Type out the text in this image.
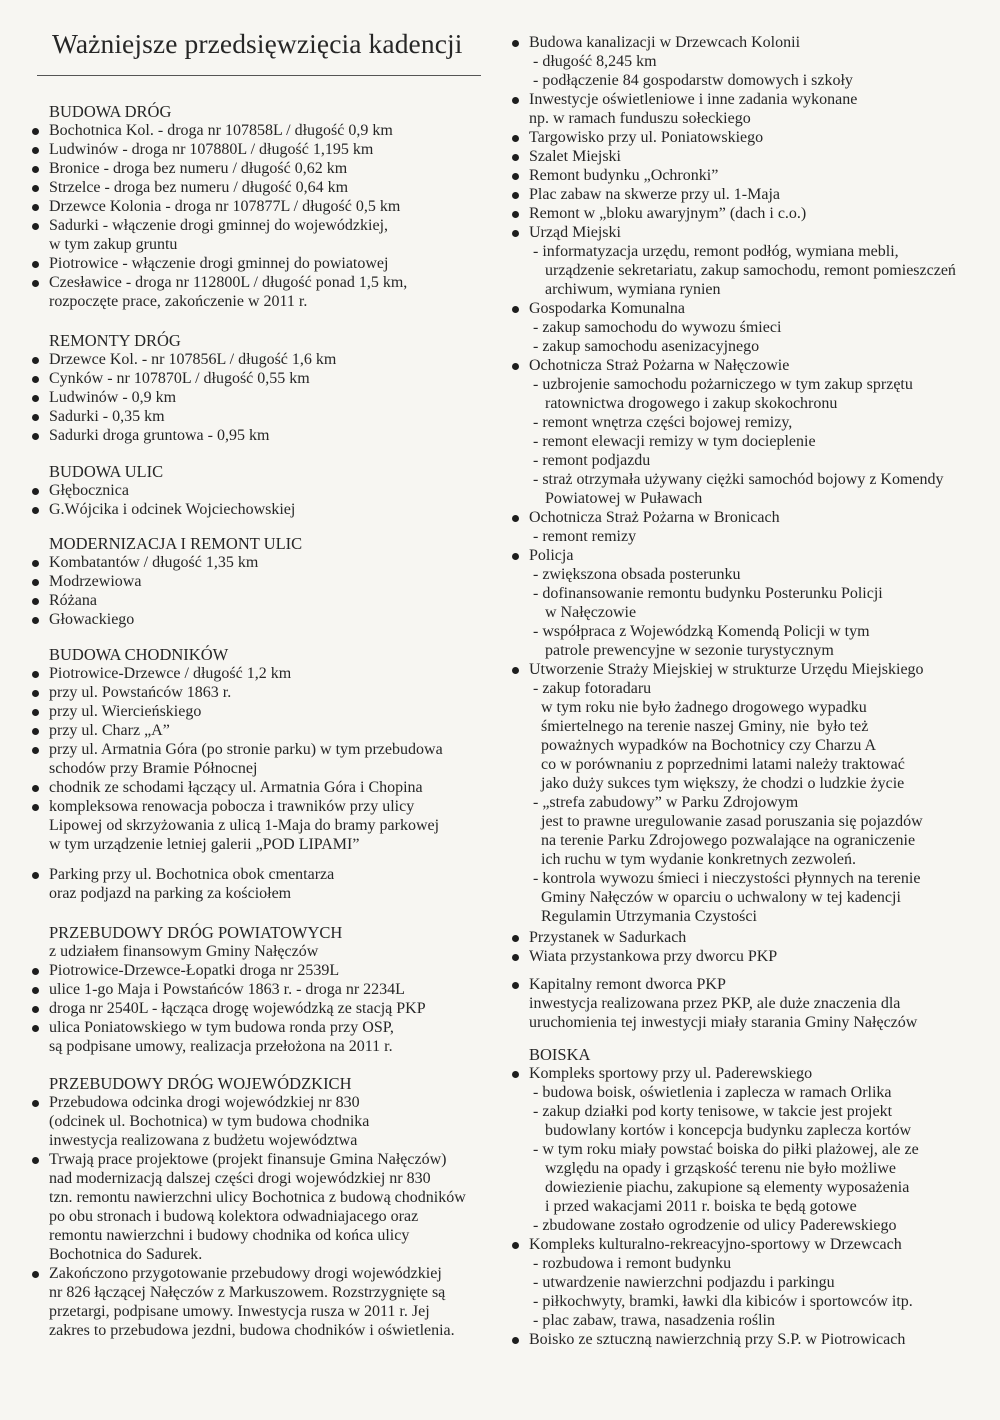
Ważniejsze przedsięwzięcia kadencji
BUDOWA DRÓG
Bochotnica Kol. - droga nr 107858L / długość 0,9 km
Ludwinów - droga nr 107880L / długość 1,195 km
Bronice - droga bez numeru / długość 0,62 km
Strzelce - droga bez numeru / długość 0,64 km
Drzewce Kolonia - droga nr 107877L / długość 0,5 km
Sadurki - włączenie drogi gminnej do wojewódzkiej,
w tym zakup gruntu
Piotrowice - włączenie drogi gminnej do powiatowej
Czesławice - droga nr 112800L / długość ponad 1,5 km,
rozpoczęte prace, zakończenie w 2011 r.
REMONTY DRÓG
Drzewce Kol. - nr 107856L / długość 1,6 km
Cynków - nr 107870L / długość 0,55 km
Ludwinów - 0,9 km
Sadurki - 0,35 km
Sadurki droga gruntowa - 0,95 km
BUDOWA ULIC
Głębocznica
G.Wójcika i odcinek Wojciechowskiej
MODERNIZACJA I REMONT ULIC
Kombatantów / długość 1,35 km
Modrzewiowa
Różana
Głowackiego
BUDOWA CHODNIKÓW
Piotrowice-Drzewce / długość 1,2 km
przy ul. Powstańców 1863 r.
przy ul. Wiercieńskiego
przy ul. Charz „A”
przy ul. Armatnia Góra (po stronie parku) w tym przebudowa
schodów przy Bramie Północnej
chodnik ze schodami łączący ul. Armatnia Góra i Chopina
kompleksowa renowacja pobocza i trawników przy ulicy
Lipowej od skrzyżowania z ulicą 1-Maja do bramy parkowej
w tym urządzenie letniej galerii „POD LIPAMI”
Parking przy ul. Bochotnica obok cmentarza
oraz podjazd na parking za kościołem
PRZEBUDOWY DRÓG POWIATOWYCH
z udziałem finansowym Gminy Nałęczów
Piotrowice-Drzewce-Łopatki droga nr 2539L
ulice 1-go Maja i Powstańców 1863 r. - droga nr 2234L
droga nr 2540L - łącząca drogę wojewódzką ze stacją PKP
ulica Poniatowskiego w tym budowa ronda przy OSP,
są podpisane umowy, realizacja przełożona na 2011 r.
PRZEBUDOWY DRÓG WOJEWÓDZKICH
Przebudowa odcinka drogi wojewódzkiej nr 830
(odcinek ul. Bochotnica) w tym budowa chodnika
inwestycja realizowana z budżetu województwa
Trwają prace projektowe (projekt finansuje Gmina Nałęczów)
nad modernizacją dalszej części drogi wojewódzkiej nr 830
tzn. remontu nawierzchni ulicy Bochotnica z budową chodników
po obu stronach i budową kolektora odwadniajacego oraz
remontu nawierzchni i budowy chodnika od końca ulicy
Bochotnica do Sadurek.
Zakończono przygotowanie przebudowy drogi wojewódzkiej
nr 826 łączącej Nałęczów z Markuszowem. Rozstrzygnięte są
przetargi, podpisane umowy. Inwestycja rusza w 2011 r. Jej
zakres to przebudowa jezdni, budowa chodników i oświetlenia.
Budowa kanalizacji w Drzewcach Kolonii
- długość 8,245 km
- podłączenie 84 gospodarstw domowych i szkoły
Inwestycje oświetleniowe i inne zadania wykonane
np. w ramach funduszu sołeckiego
Targowisko przy ul. Poniatowskiego
Szalet Miejski
Remont budynku „Ochronki”
Plac zabaw na skwerze przy ul. 1-Maja
Remont w „bloku awaryjnym” (dach i c.o.)
Urząd Miejski
- informatyzacja urzędu, remont podłóg, wymiana mebli,
urządzenie sekretariatu, zakup samochodu, remont pomieszczeń
archiwum, wymiana rynien
Gospodarka Komunalna
- zakup samochodu do wywozu śmieci
- zakup samochodu asenizacyjnego
Ochotnicza Straż Pożarna w Nałęczowie
- uzbrojenie samochodu pożarniczego w tym zakup sprzętu
ratownictwa drogowego i zakup skokochronu
- remont wnętrza części bojowej remizy,
- remont elewacji remizy w tym docieplenie
- remont podjazdu
- straż otrzymała używany ciężki samochód bojowy z Komendy
Powiatowej w Puławach
Ochotnicza Straż Pożarna w Bronicach
- remont remizy
Policja
- zwiększona obsada posterunku
- dofinansowanie remontu budynku Posterunku Policji
w Nałęczowie
- współpraca z Wojewódzką Komendą Policji w tym
patrole prewencyjne w sezonie turystycznym
Utworzenie Straży Miejskiej w strukturze Urzędu Miejskiego
- zakup fotoradaru
w tym roku nie było żadnego drogowego wypadku
śmiertelnego na terenie naszej Gminy, nie  było też
poważnych wypadków na Bochotnicy czy Charzu A
co w porównaniu z poprzednimi latami należy traktować
jako duży sukces tym większy, że chodzi o ludzkie życie
- „strefa zabudowy” w Parku Zdrojowym
jest to prawne uregulowanie zasad poruszania się pojazdów
na terenie Parku Zdrojowego pozwalające na ograniczenie
ich ruchu w tym wydanie konkretnych zezwoleń.
- kontrola wywozu śmieci i nieczystości płynnych na terenie
Gminy Nałęczów w oparciu o uchwalony w tej kadencji
Regulamin Utrzymania Czystości
Przystanek w Sadurkach
Wiata przystankowa przy dworcu PKP
Kapitalny remont dworca PKP
inwestycja realizowana przez PKP, ale duże znaczenia dla
uruchomienia tej inwestycji miały starania Gminy Nałęczów
BOISKA
Kompleks sportowy przy ul. Paderewskiego
- budowa boisk, oświetlenia i zaplecza w ramach Orlika
- zakup działki pod korty tenisowe, w takcie jest projekt
budowlany kortów i koncepcja budynku zaplecza kortów
- w tym roku miały powstać boiska do piłki plażowej, ale ze
względu na opady i grząskość terenu nie było możliwe
dowiezienie piachu, zakupione są elementy wyposażenia
i przed wakacjami 2011 r. boiska te będą gotowe
- zbudowane zostało ogrodzenie od ulicy Paderewskiego
Kompleks kulturalno-rekreacyjno-sportowy w Drzewcach
- rozbudowa i remont budynku
- utwardzenie nawierzchni podjazdu i parkingu
- piłkochwyty, bramki, ławki dla kibiców i sportowców itp.
- plac zabaw, trawa, nasadzenia roślin
Boisko ze sztuczną nawierzchnią przy S.P. w Piotrowicach
